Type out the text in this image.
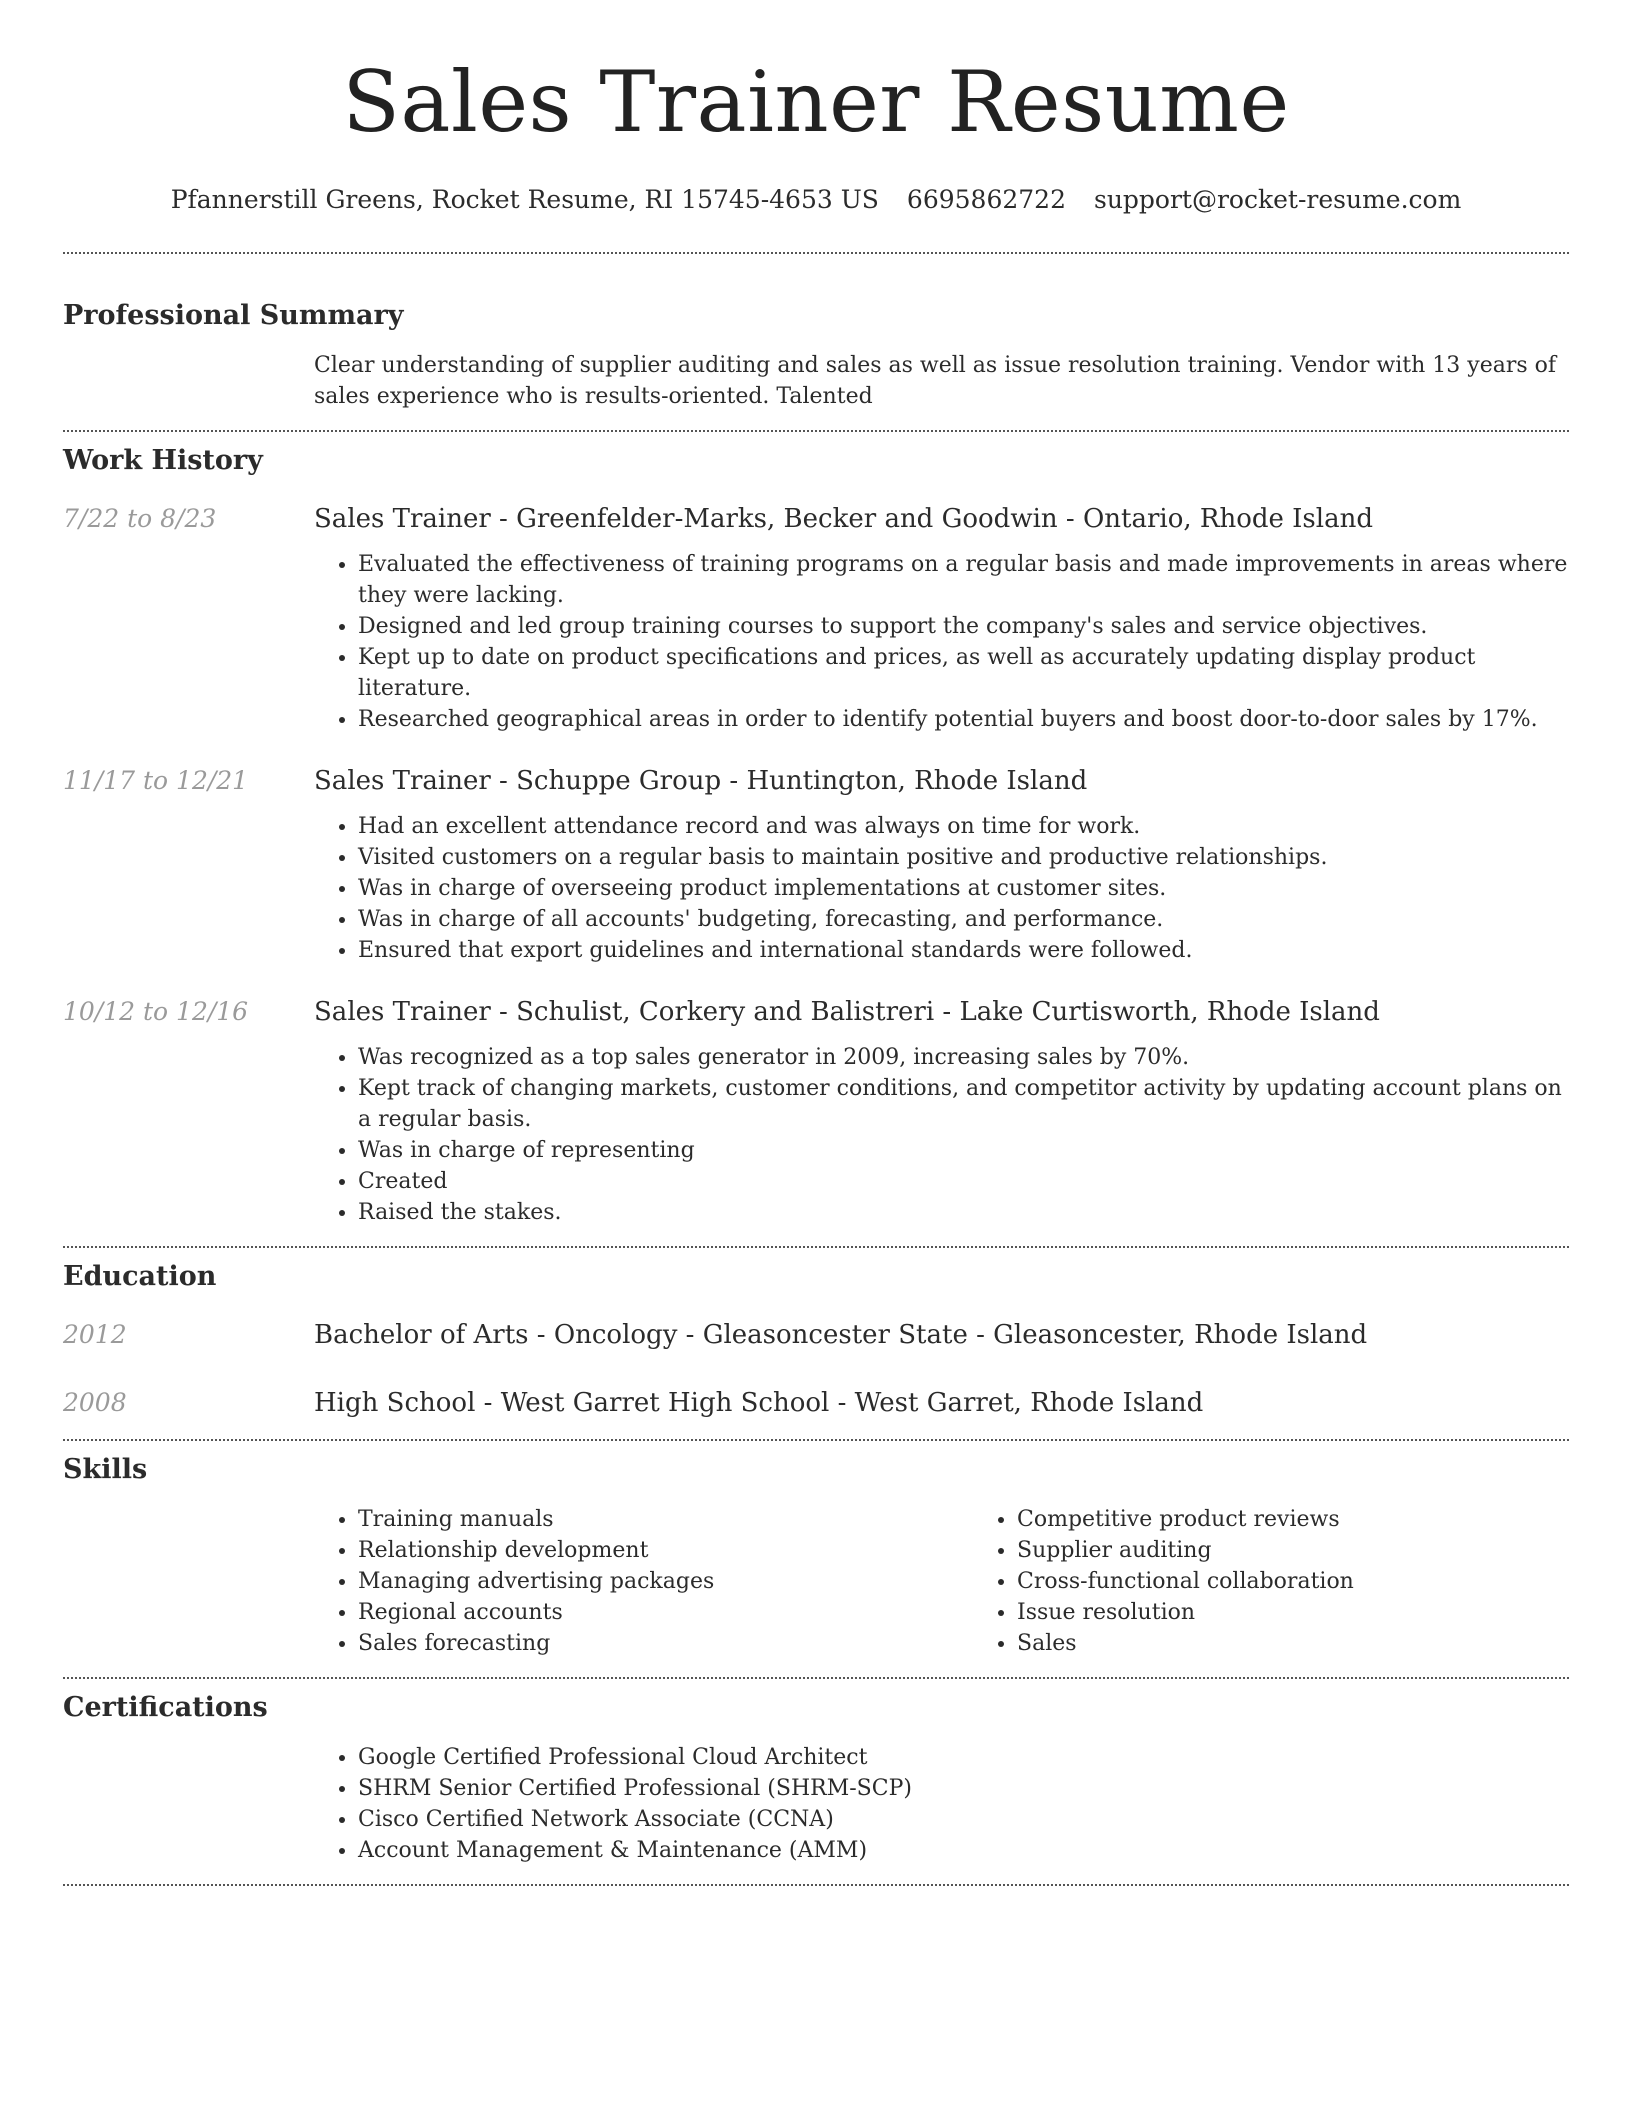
Sales Trainer Resume
Pfannerstill Greens, Rocket Resume, RI 15745-4653 US 6695862722 support@rocket-resume.com
Professional Summary

Clear understanding of supplier auditing and sales as well as issue resolution training. Vendor with 13 years of sales experience who is results-oriented. Talented

Work History
7/22 to 8/23	Sales Trainer - Greenfelder-Marks, Becker and Goodwin - Ontario, Rhode Island

• Evaluated the effectiveness of training programs on a regular basis and made improvements in areas where they were lacking.
• Designed and led group training courses to support the company's sales and service objectives.
• Kept up to date on product specifications and prices, as well as accurately updating display product literature.
• Researched geographical areas in order to identify potential buyers and boost door-to-door sales by 17%.
11/17 to 12/21	Sales Trainer - Schuppe Group - Huntington, Rhode Island

• Had an excellent attendance record and was always on time for work.
• Visited customers on a regular basis to maintain positive and productive relationships.
• Was in charge of overseeing product implementations at customer sites.
• Was in charge of all accounts' budgeting, forecasting, and performance.
• Ensured that export guidelines and international standards were followed.
10/12 to 12/16	Sales Trainer - Schulist, Corkery and Balistreri - Lake Curtisworth, Rhode Island

• Was recognized as a top sales generator in 2009, increasing sales by 70%.
• Kept track of changing markets, customer conditions, and competitor activity by updating account plans on a regular basis.
• Was in charge of representing
• Created
• Raised the stakes.
Education
2012	Bachelor of Arts - Oncology - Gleasoncester State - Gleasoncester, Rhode Island

2008	High School - West Garret High School - West Garret, Rhode Island

Skills
• Training manuals
• Relationship development
• Managing advertising packages
• Regional accounts
• Sales forecasting
• Competitive product reviews
• Supplier auditing
• Cross-functional collaboration
• Issue resolution
• Sales
Certifications
• Google Certified Professional Cloud Architect
• SHRM Senior Certified Professional (SHRM-SCP)
• Cisco Certified Network Associate (CCNA)
• Account Management & Maintenance (AMM)
